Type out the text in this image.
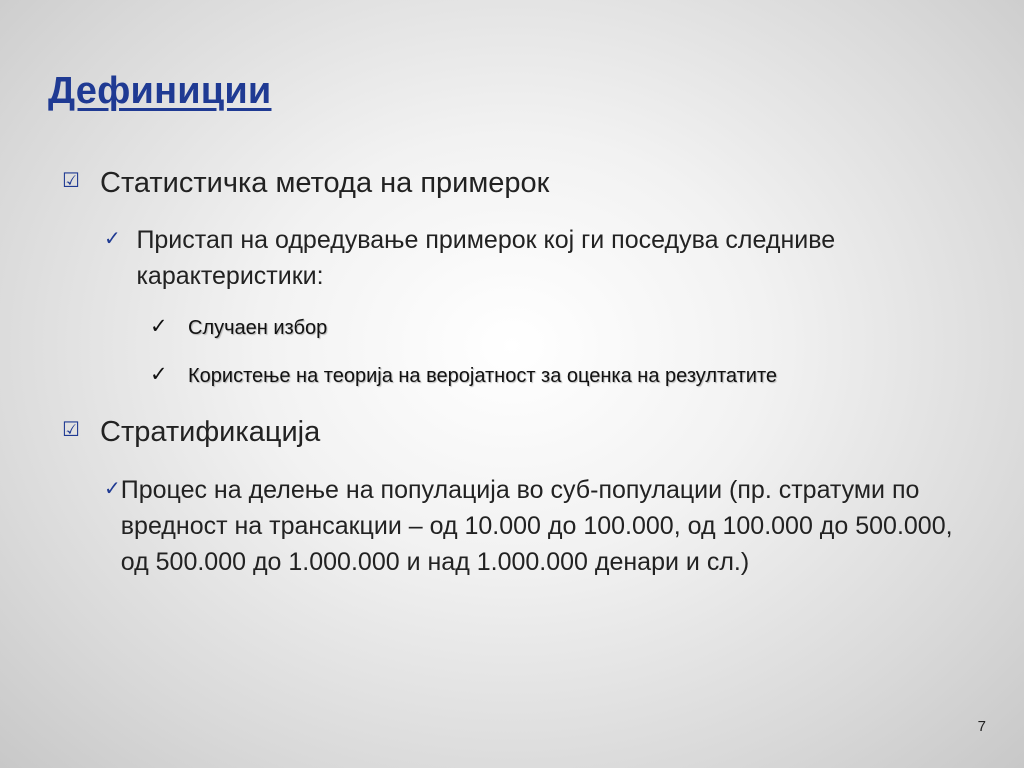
Дефиниции
☑ Статистичка метода на примерок
✓ Пристап на одредување примерок кој ги поседува следниве карактеристики:
✓	Случаен избор
✓	Користење на теорија на веројатност за оценка на резултатите
☑ Стратификација
✓ Процес на делење на популација во суб-популации (пр. стратуми по вредност на трансакции – од 10.000 до 100.000, од 100.000 до 500.000, од 500.000 до 1.000.000 и над 1.000.000 денари и сл.)
7
